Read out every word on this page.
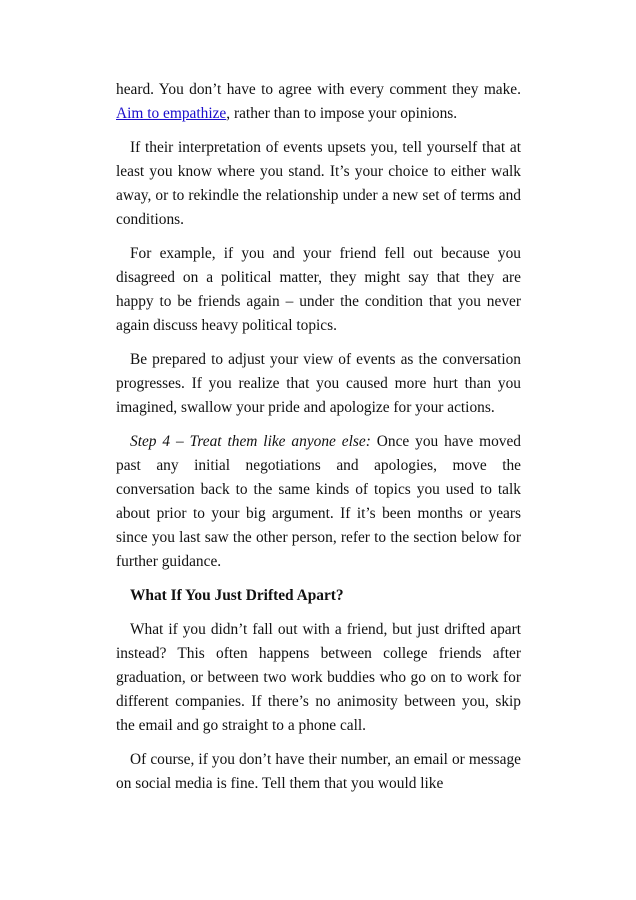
heard. You don’t have to agree with every comment they make. Aim to empathize, rather than to impose your opinions.

If their interpretation of events upsets you, tell yourself that at least you know where you stand. It’s your choice to either walk away, or to rekindle the relationship under a new set of terms and conditions.

For example, if you and your friend fell out because you disagreed on a political matter, they might say that they are happy to be friends again – under the condition that you never again discuss heavy political topics.

Be prepared to adjust your view of events as the conversation progresses. If you realize that you caused more hurt than you imagined, swallow your pride and apologize for your actions.

Step 4 – Treat them like anyone else: Once you have moved past any initial negotiations and apologies, move the conversation back to the same kinds of topics you used to talk about prior to your big argument. If it’s been months or years since you last saw the other person, refer to the section below for further guidance.

What If You Just Drifted Apart?

What if you didn’t fall out with a friend, but just drifted apart instead? This often happens between college friends after graduation, or between two work buddies who go on to work for different companies. If there’s no animosity between you, skip the email and go straight to a phone call.

Of course, if you don’t have their number, an email or message on social media is fine. Tell them that you would like
